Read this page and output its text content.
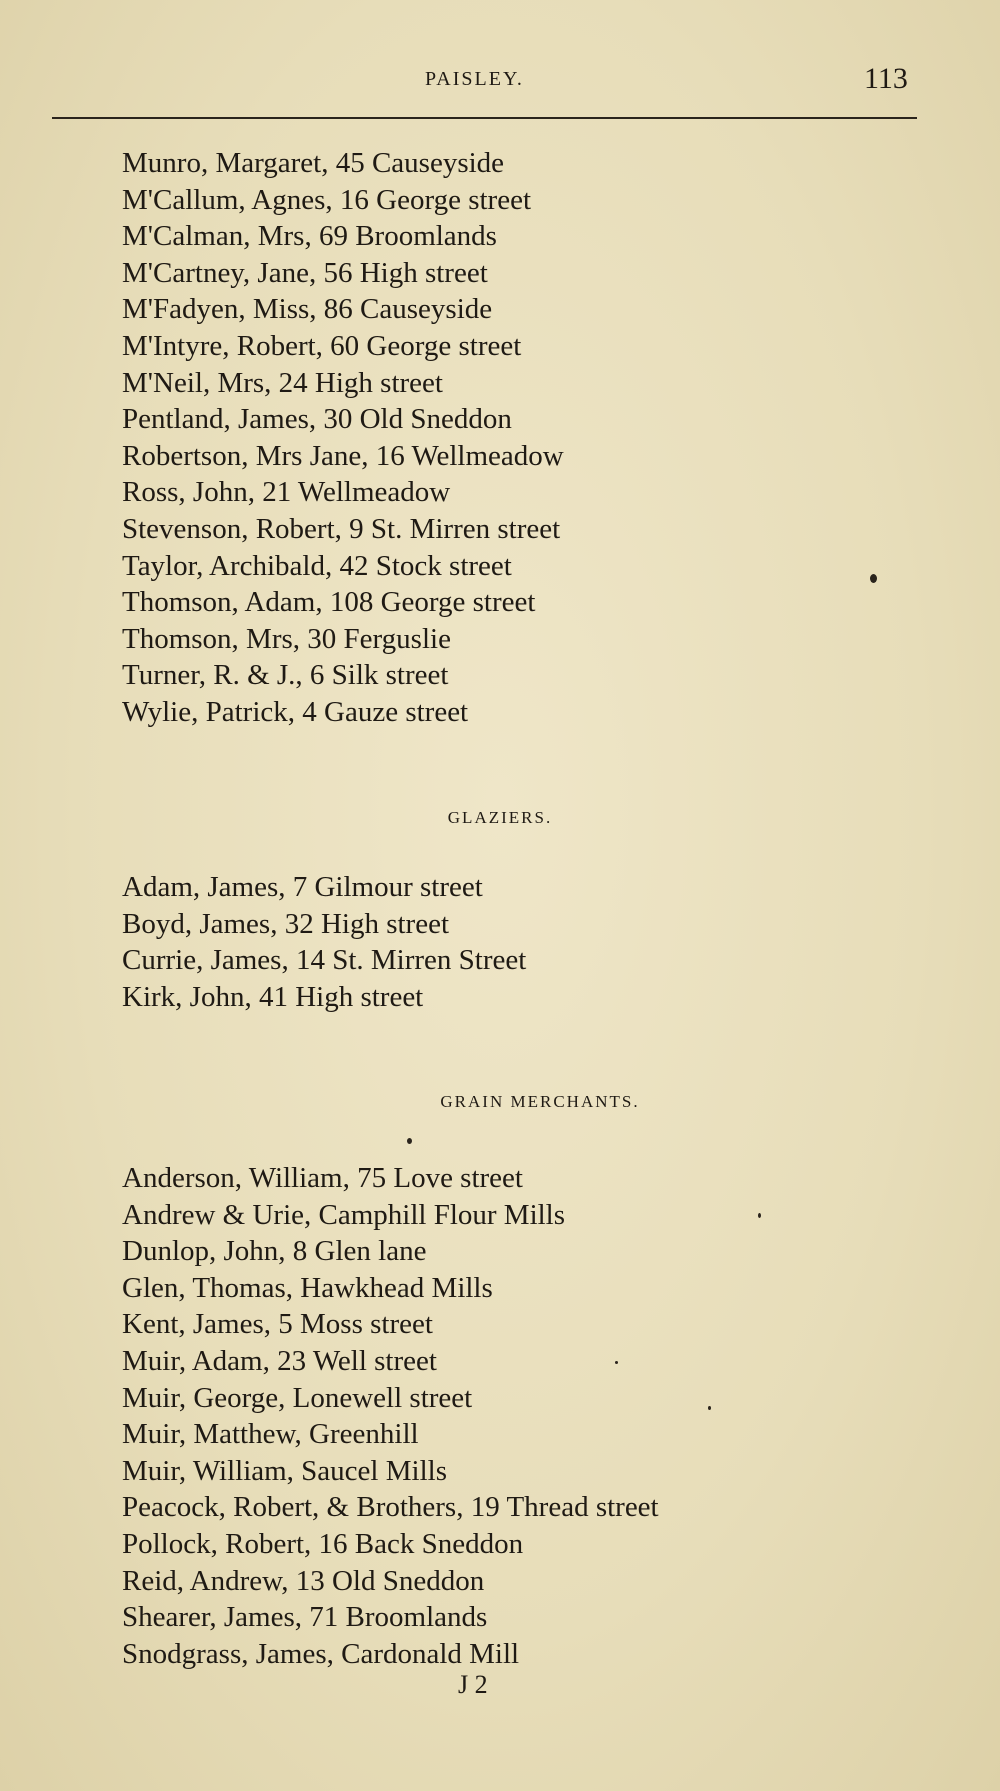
PAISLEY.	113
Munro, Margaret, 45 Causeyside
M'Callum, Agnes, 16 George street
M'Calman, Mrs, 69 Broomlands
M'Cartney, Jane, 56 High street
M'Fadyen, Miss, 86 Causeyside
M'Intyre, Robert, 60 George street
M'Neil, Mrs, 24 High street
Pentland, James, 30 Old Sneddon
Robertson, Mrs Jane, 16 Wellmeadow
Ross, John, 21 Wellmeadow
Stevenson, Robert, 9 St. Mirren street
Taylor, Archibald, 42 Stock street
Thomson, Adam, 108 George street
Thomson, Mrs, 30 Ferguslie
Turner, R. & J., 6 Silk street
Wylie, Patrick, 4 Gauze street
GLAZIERS.
Adam, James, 7 Gilmour street
Boyd, James, 32 High street
Currie, James, 14 St. Mirren Street
Kirk, John, 41 High street
GRAIN MERCHANTS.
Anderson, William, 75 Love street
Andrew & Urie, Camphill Flour Mills
Dunlop, John, 8 Glen lane
Glen, Thomas, Hawkhead Mills
Kent, James, 5 Moss street
Muir, Adam, 23 Well street
Muir, George, Lonewell street
Muir, Matthew, Greenhill
Muir, William, Saucel Mills
Peacock, Robert, & Brothers, 19 Thread street
Pollock, Robert, 16 Back Sneddon
Reid, Andrew, 13 Old Sneddon
Shearer, James, 71 Broomlands
Snodgrass, James, Cardonald Mill
J 2
